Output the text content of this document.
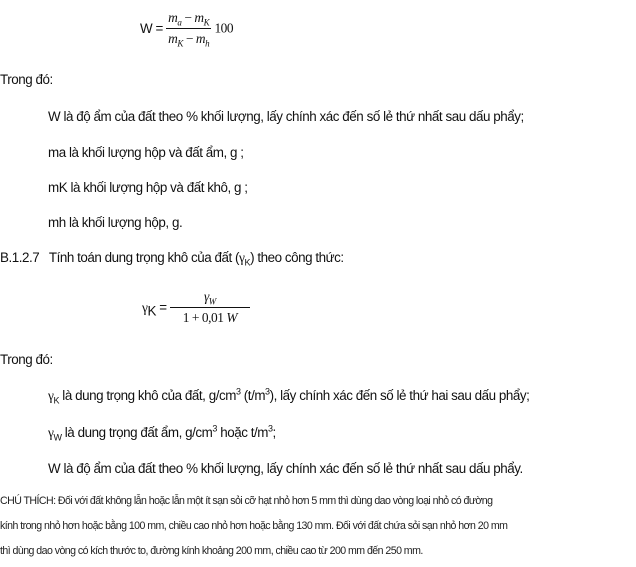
$W = \frac{m_a - m_K}{m_K - m_h} 100$
Trong đó:
W là độ ẩm của đất theo % khối lượng, lấy chính xác đến số lẻ thứ nhất sau dấu phẩy;
ma là khối lượng hộp và đất ẩm, g ;
mK là khối lượng hộp và đất khô, g ;
mh là khối lượng hộp, g.
B.1.2.7 Tính toán dung trọng khô của đất $(\gamma_K)$ theo công thức:
$\gamma_K = \frac{\gamma_W}{1 + 0,01 W}$
Trong đó:
$\gamma_K$ là dung trọng khô của đất, $g/cm^3$ $(t/m^3)$, lấy chính xác đến số lẻ thứ hai sau dấu phẩy;
$\gamma_W$ là dung trọng đất ẩm, $g/cm^3$ hoặc $t/m^3$;
W là độ ẩm của đất theo % khối lượng, lấy chính xác đến số lẻ thứ nhất sau dấu phẩy.
CHÚ THÍCH: Đối với đất không lẫn hoặc lẫn một ít sạn sỏi cỡ hạt nhỏ hơn 5 mm thì dùng dao vòng loại nhỏ có đường
kính trong nhỏ hơn hoặc bằng 100 mm, chiều cao nhỏ hơn hoặc bằng 130 mm. Đối với đất chứa sỏi sạn nhỏ hơn 20 mm
thì dùng dao vòng có kích thước to, đường kính khoảng 200 mm, chiều cao từ 200 mm đến 250 mm.
